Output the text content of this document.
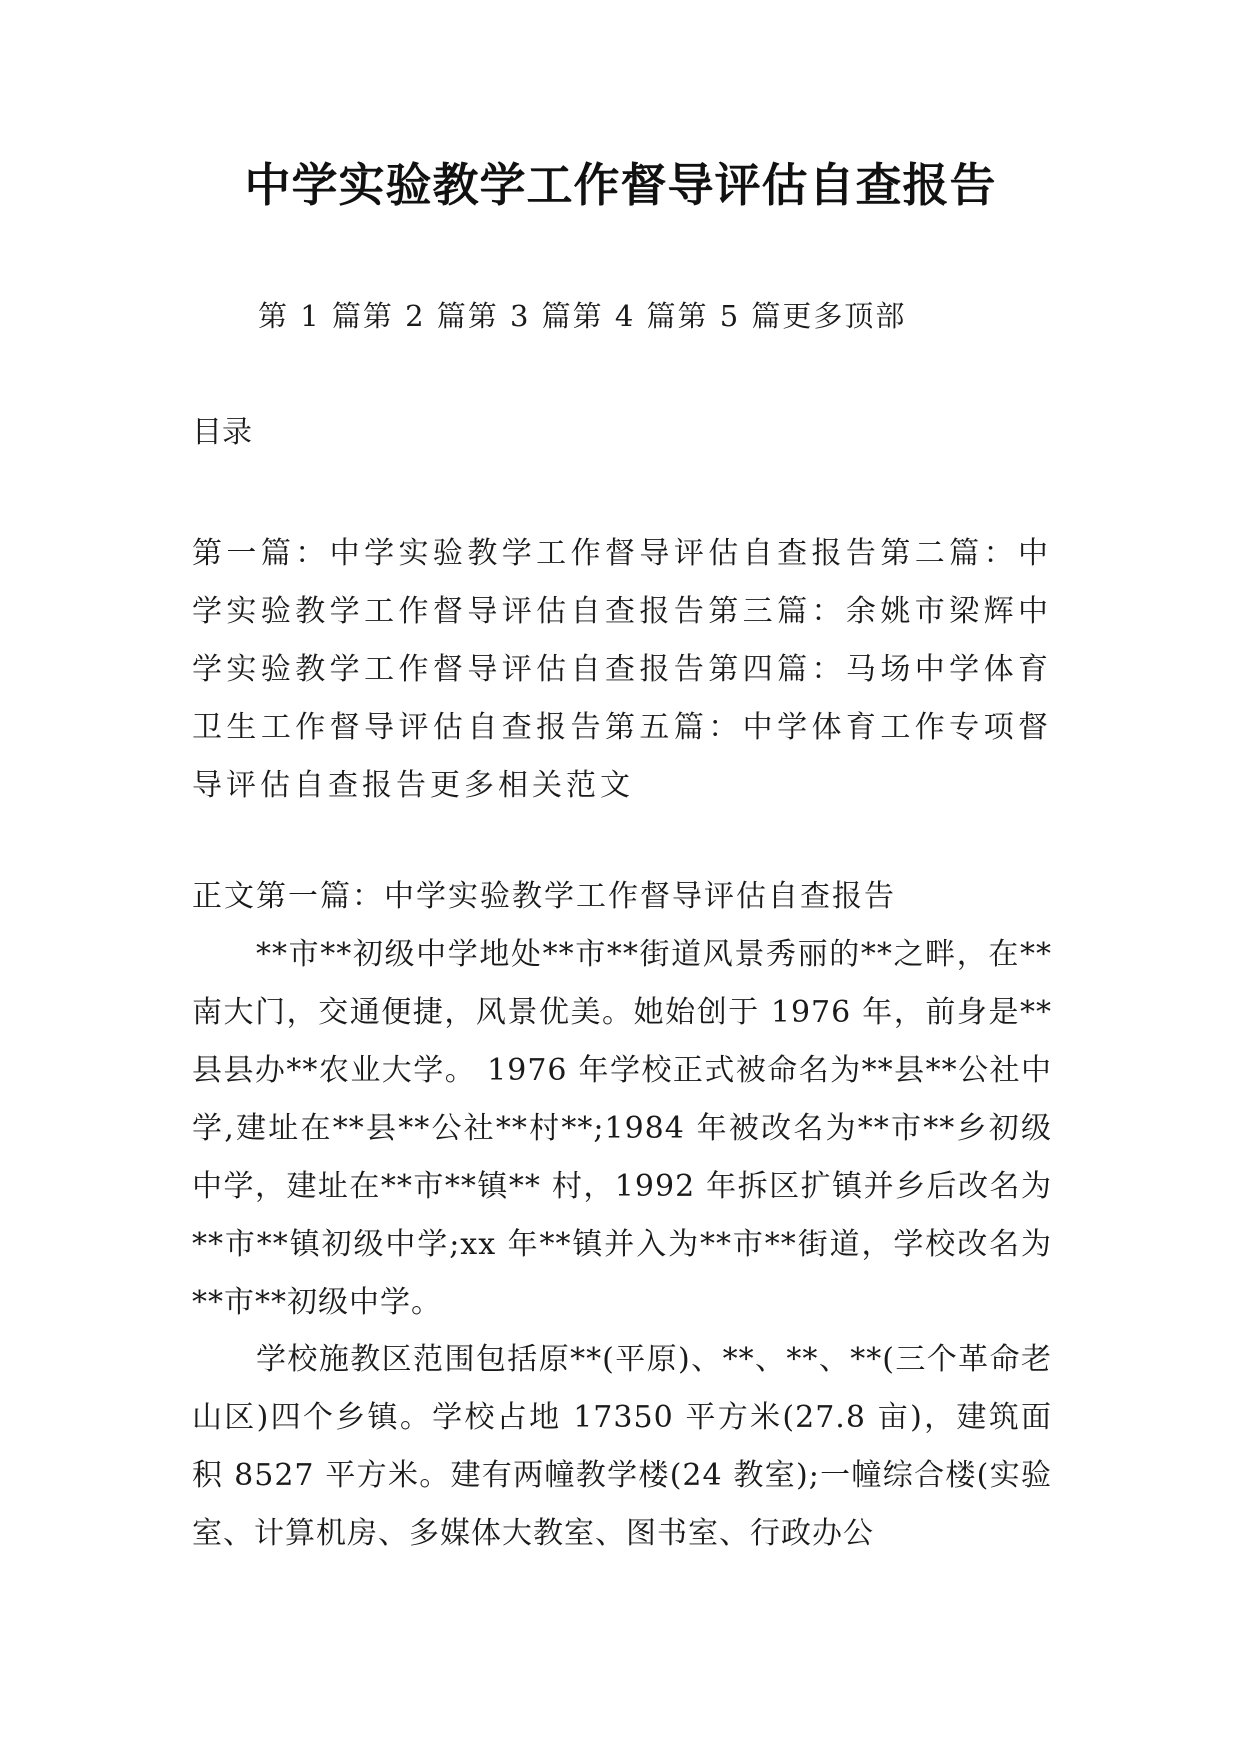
中学实验教学工作督导评估自查报告

第 1 篇第 2 篇第 3 篇第 4 篇第 5 篇更多顶部

目录

第一篇：中学实验教学工作督导评估自查报告第二篇：中学实验教学工作督导评估自查报告第三篇：余姚市梁辉中学实验教学工作督导评估自查报告第四篇：马场中学体育卫生工作督导评估自查报告第五篇：中学体育工作专项督导评估自查报告更多相关范文

正文第一篇：中学实验教学工作督导评估自查报告

**市**初级中学地处**市**街道风景秀丽的**之畔，在**南大门，交通便捷，风景优美。她始创于 1976 年，前身是**县县办**农业大学。 1976 年学校正式被命名为**县**公社中学,建址在**县**公社**村**;1984 年被改名为**市**乡初级中学，建址在**市**镇** 村，1992 年拆区扩镇并乡后改名为**市**镇初级中学;xx 年**镇并入为**市**街道，学校改名为**市**初级中学。

学校施教区范围包括原**(平原)、**、**、**(三个革命老山区)四个乡镇。学校占地 17350 平方米(27.8 亩)，建筑面积 8527 平方米。建有两幢教学楼(24 教室);一幢综合楼(实验室、计算机房、多媒体大教室、图书室、行政办公
